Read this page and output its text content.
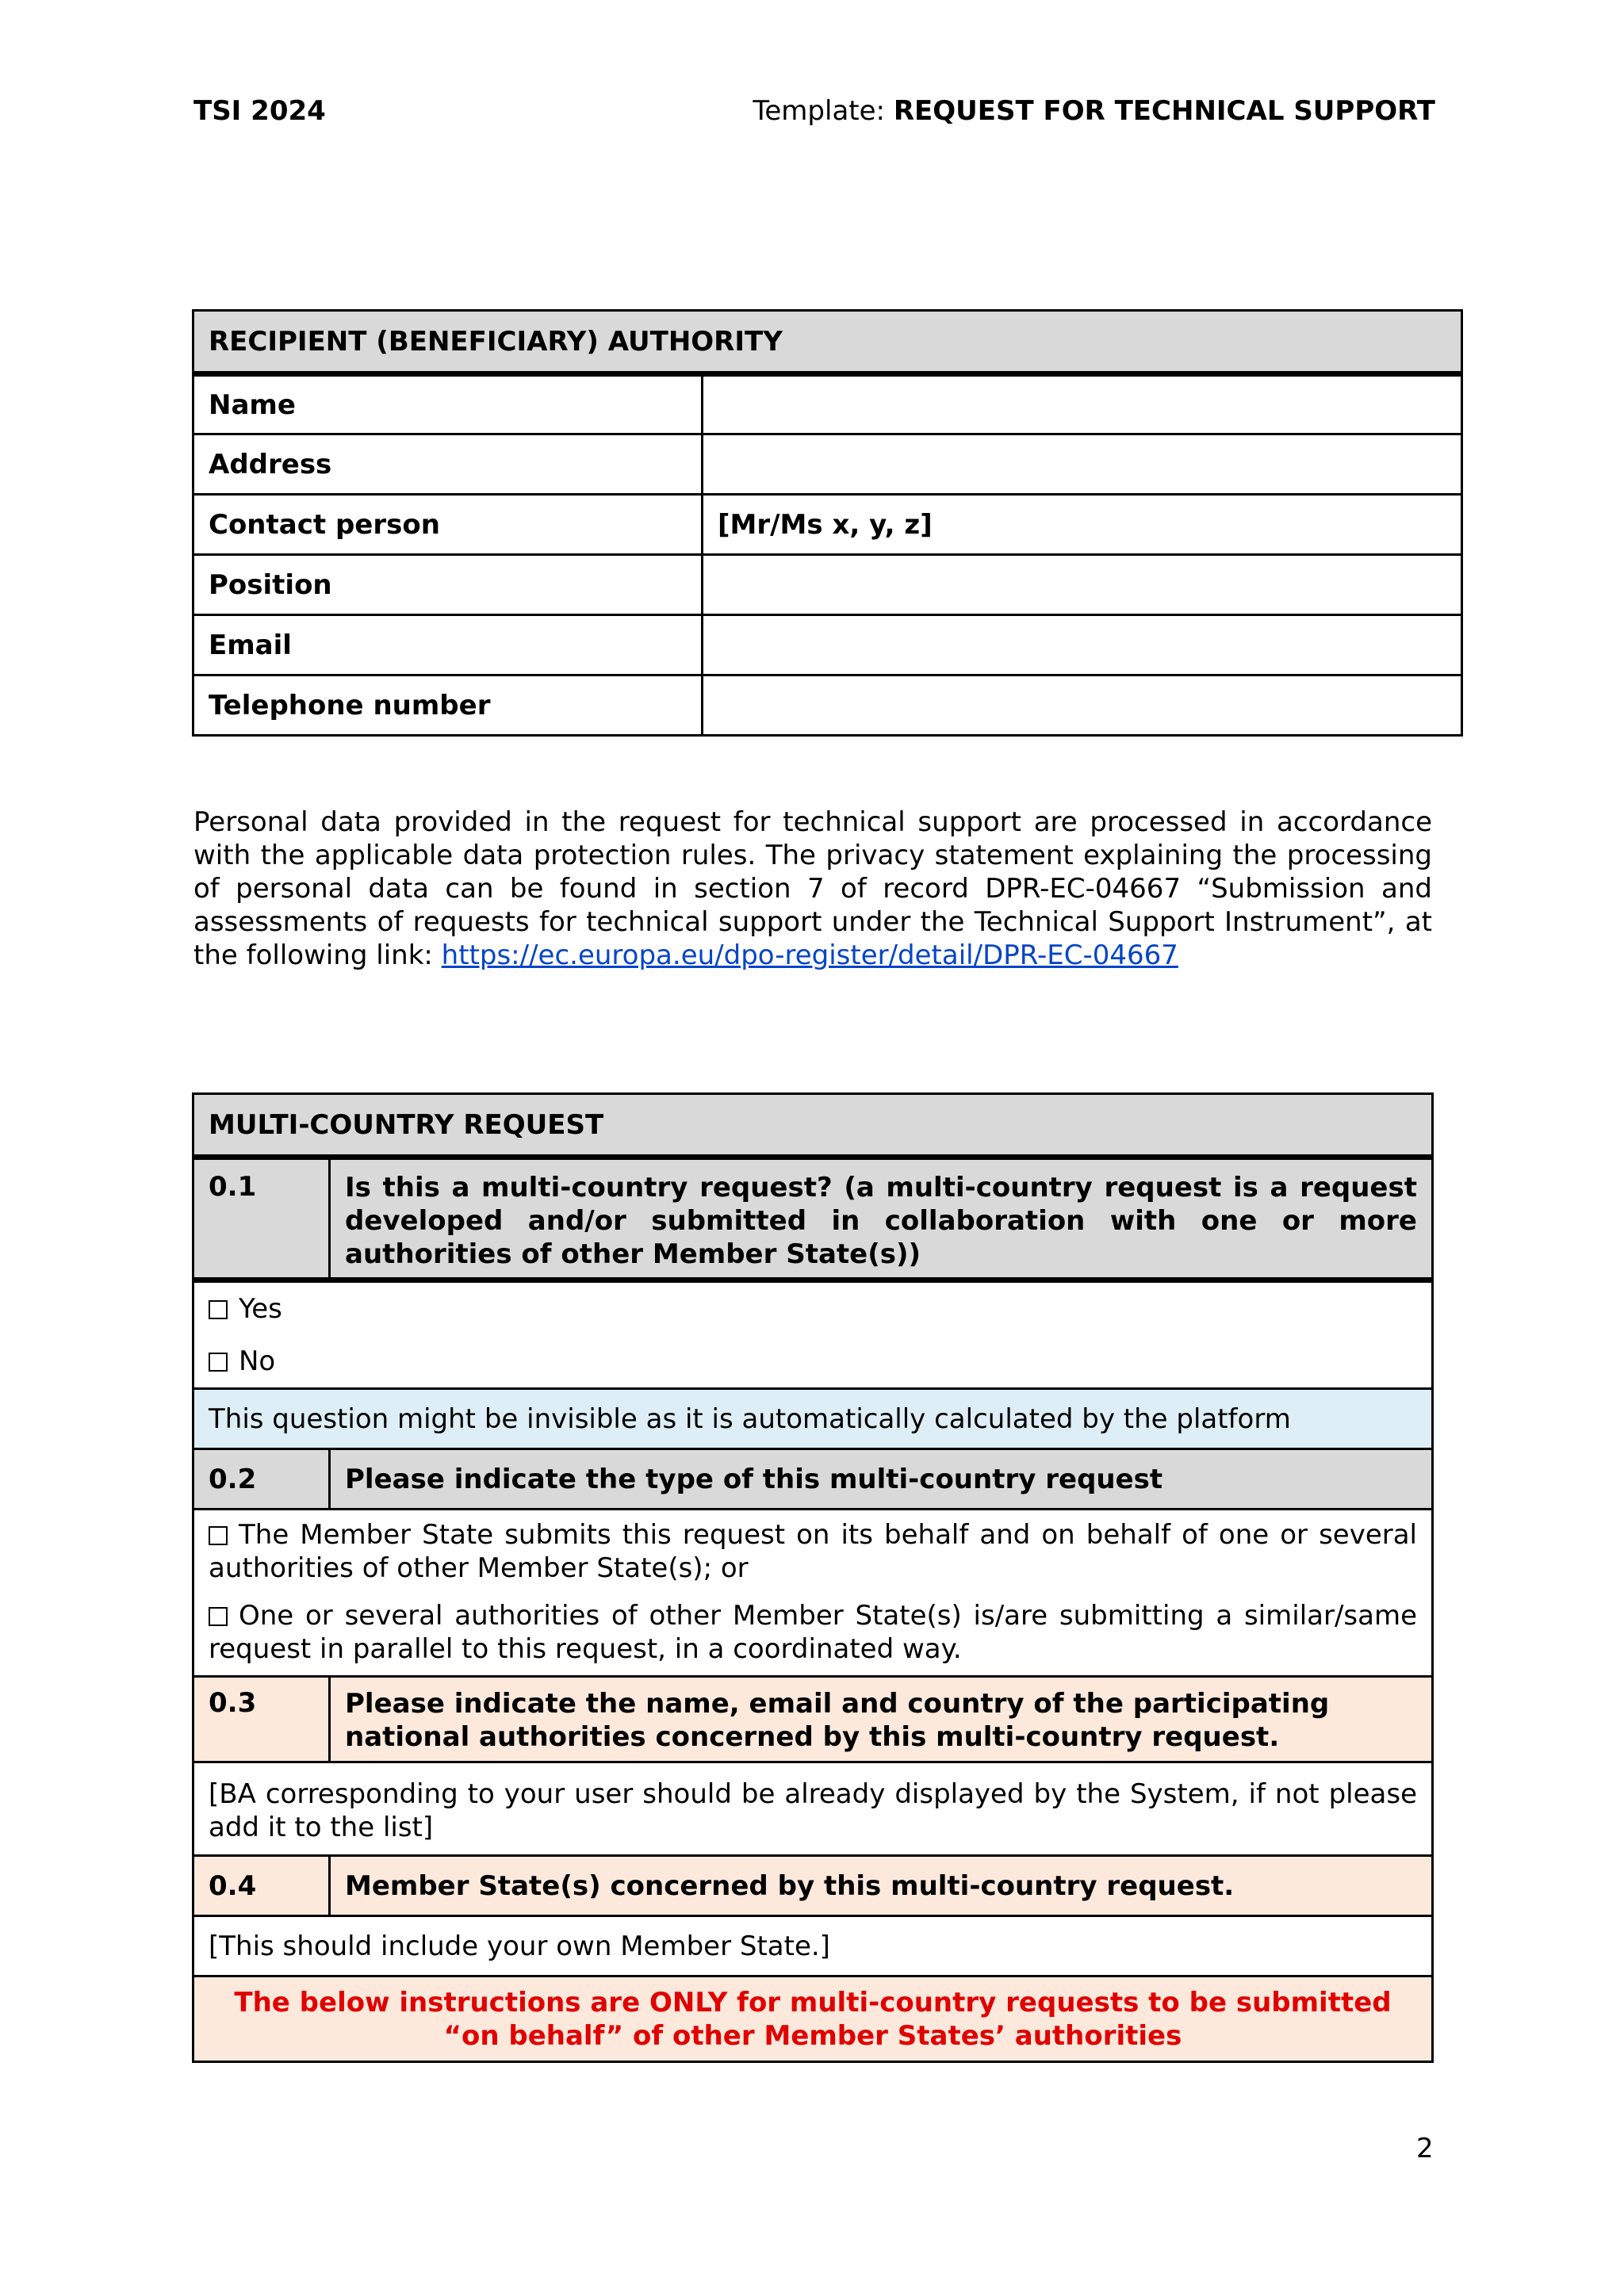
TSI 2024	Template: REQUEST FOR TECHNICAL SUPPORT
RECIPIENT (BENEFICIARY) AUTHORITY	
Name	
Address	
Contact person	[Mr/Ms x, y, z]
Position	
Email	
Telephone number	
Personal data provided in the request for technical support are processed in accordance with the applicable data protection rules. The privacy statement explaining the processing of personal data can be found in section 7 of record DPR-EC-04667 “Submission and assessments of requests for technical support under the Technical Support Instrument”, at the following link: https://ec.europa.eu/dpo-register/detail/DPR-EC-04667
MULTI-COUNTRY REQUEST	
0.1	Is this a multi-country request? (a multi-country request is a request developed and/or submitted in collaboration with one or more authorities of other Member State(s))

Yes
No	

This question might be invisible as it is automatically calculated by the platform	
0.2	Please indicate the type of this multi-country request

The Member State submits this request on its behalf and on behalf of one or several authorities of other Member State(s); or
One or several authorities of other Member State(s) is/are submitting a similar/same request in parallel to this request, in a coordinated way.	

0.3	Please indicate the name, email and country of the participating national authorities concerned by this multi-country request.
[BA corresponding to your user should be already displayed by the System, if not please add it to the list]	
0.4	Member State(s) concerned by this multi-country request.
[This should include your own Member State.]	
The below instructions are ONLY for multi-country requests to be submitted “on behalf” of other Member States’ authorities	
2
